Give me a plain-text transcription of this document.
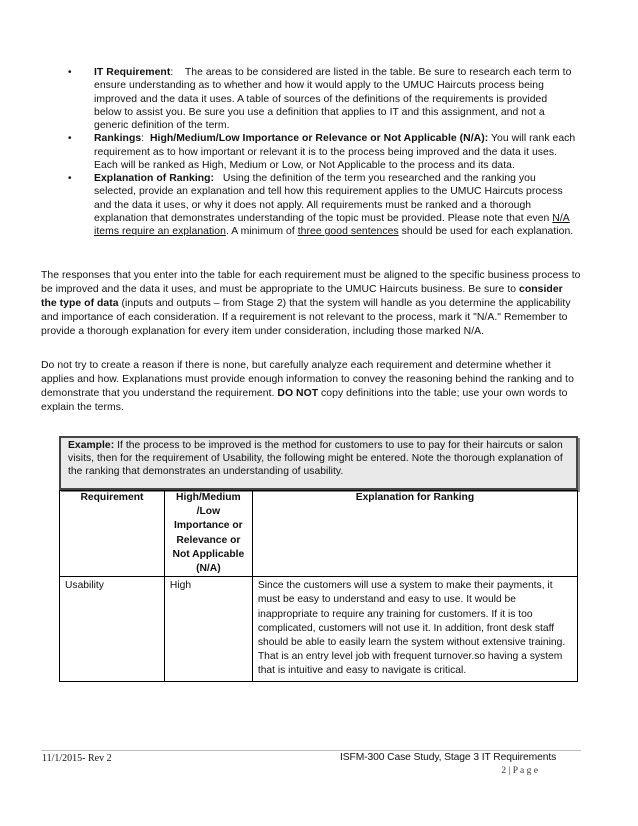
• IT Requirement: The areas to be considered are listed in the table. Be sure to research each term to ensure understanding as to whether and how it would apply to the UMUC Haircuts process being improved and the data it uses. A table of sources of the definitions of the requirements is provided below to assist you. Be sure you use a definition that applies to IT and this assignment, and not a generic definition of the term.
• Rankings: High/Medium/Low Importance or Relevance or Not Applicable (N/A): You will rank each requirement as to how important or relevant it is to the process being improved and the data it uses. Each will be ranked as High, Medium or Low, or Not Applicable to the process and its data.
• Explanation of Ranking: Using the definition of the term you researched and the ranking you selected, provide an explanation and tell how this requirement applies to the UMUC Haircuts process and the data it uses, or why it does not apply. All requirements must be ranked and a thorough explanation that demonstrates understanding of the topic must be provided. Please note that even N/A items require an explanation. A minimum of three good sentences should be used for each explanation.

The responses that you enter into the table for each requirement must be aligned to the specific business process to be improved and the data it uses, and must be appropriate to the UMUC Haircuts business. Be sure to consider the type of data (inputs and outputs – from Stage 2) that the system will handle as you determine the applicability and importance of each consideration. If a requirement is not relevant to the process, mark it "N/A." Remember to provide a thorough explanation for every item under consideration, including those marked N/A.

Do not try to create a reason if there is none, but carefully analyze each requirement and determine whether it applies and how. Explanations must provide enough information to convey the reasoning behind the ranking and to demonstrate that you understand the requirement. DO NOT copy definitions into the table; use your own words to explain the terms.

Example: If the process to be improved is the method for customers to use to pay for their haircuts or salon visits, then for the requirement of Usability, the following might be entered. Note the thorough explanation of the ranking that demonstrates an understanding of usability.
Requirement	High/Medium /Low Importance or Relevance or Not Applicable (N/A)	Explanation for Ranking
Usability	High	Since the customers will use a system to make their payments, it must be easy to understand and easy to use. It would be inappropriate to require any training for customers. If it is too complicated, customers will not use it. In addition, front desk staff should be able to easily learn the system without extensive training. That is an entry level job with frequent turnover.so having a system that is intuitive and easy to navigate is critical.
11/1/2015- Rev 2	ISFM-300 Case Study, Stage 3 IT Requirements
2 | P a g e
